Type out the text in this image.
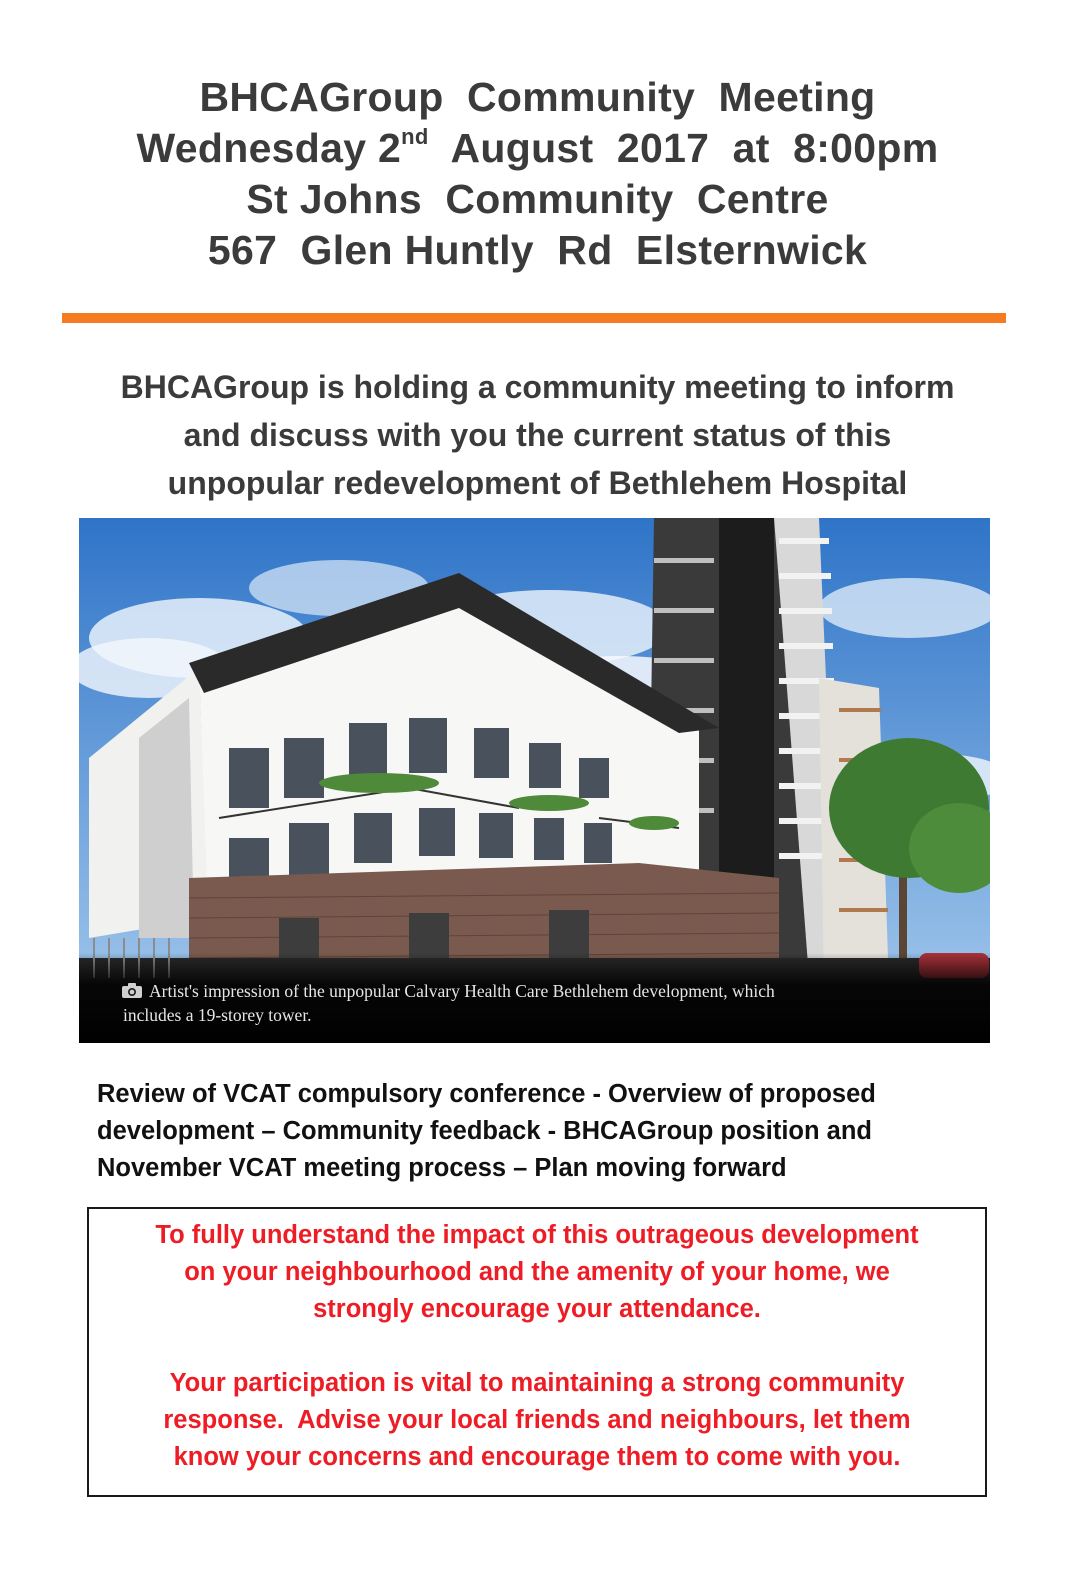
BHCAGroup  Community  Meeting
Wednesday 2nd  August  2017  at  8:00pm
St Johns  Community  Centre
567  Glen Huntly  Rd  Elsternwick
BHCAGroup is holding a community meeting to inform
and discuss with you the current status of this
unpopular redevelopment of Bethlehem Hospital
Artist's impression of the unpopular Calvary Health Care Bethlehem development, which
includes a 19-storey tower.
Review of VCAT compulsory conference - Overview of proposed
development – Community feedback - BHCAGroup position and
November VCAT meeting process – Plan moving forward
To fully understand the impact of this outrageous development
on your neighbourhood and the amenity of your home, we
strongly encourage your attendance.
Your participation is vital to maintaining a strong community
response.  Advise your local friends and neighbours, let them
know your concerns and encourage them to come with you.
